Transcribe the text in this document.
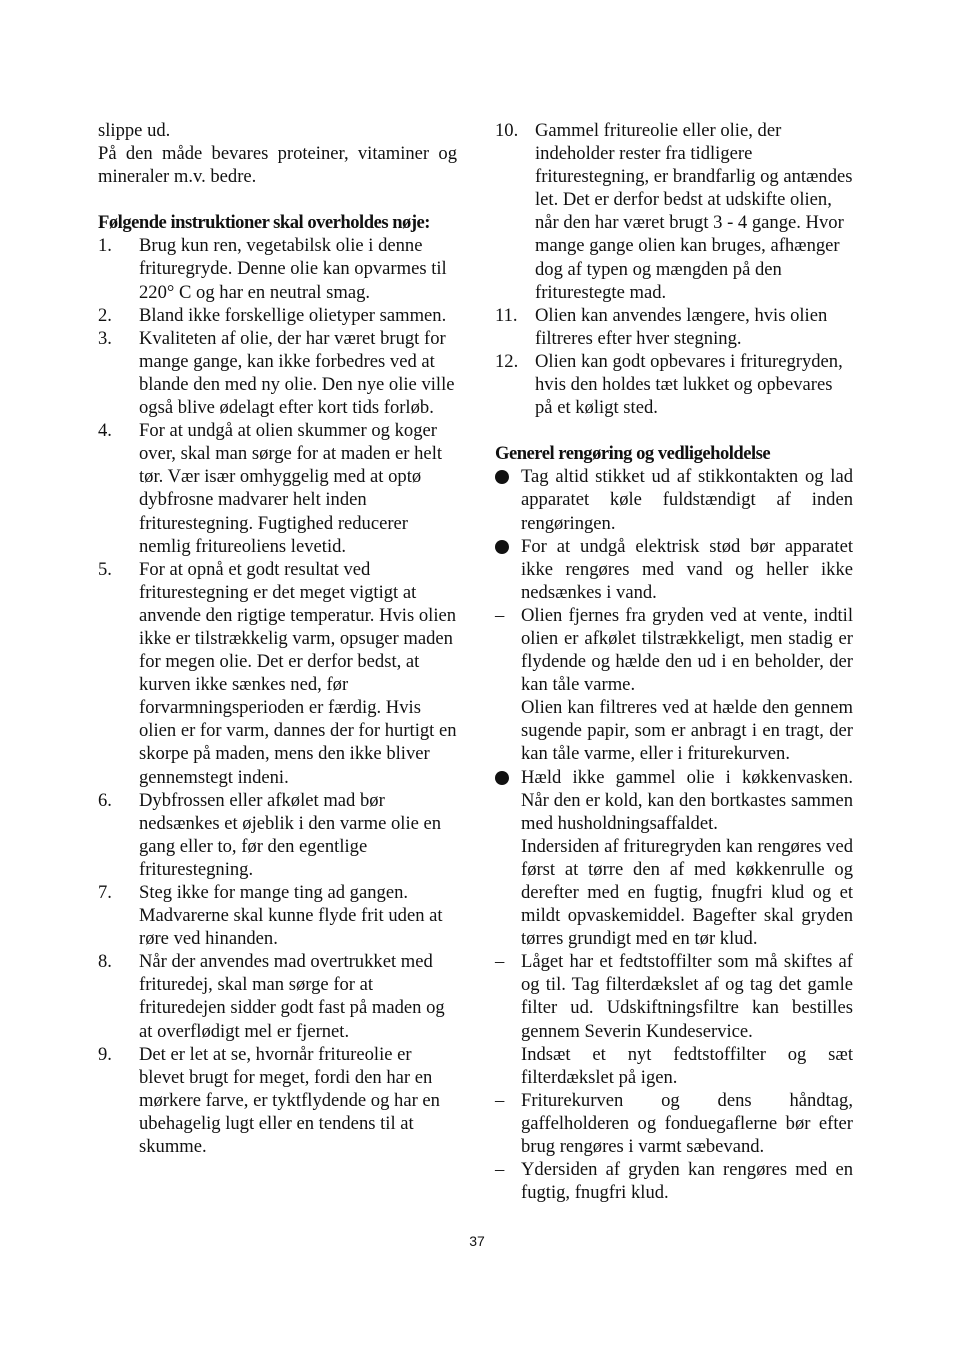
slippe ud.

På den måde bevares proteiner, vitaminer og mineraler m.v. bedre.

Følgende instruktioner skal overholdes nøje:

1.	Brug kun ren, vegetabilsk olie i denne frituregryde. Denne olie kan opvarmes til 220° C og har en neutral smag.
2.	Bland ikke forskellige olietyper sammen.
3.	Kvaliteten af olie, der har været brugt for mange gange, kan ikke forbedres ved at blande den med ny olie. Den nye olie ville også blive ødelagt efter kort tids forløb.
4.	For at undgå at olien skummer og koger over, skal man sørge for at maden er helt tør. Vær især omhyggelig med at optø dybfrosne madvarer helt inden friturestegning. Fugtighed reducerer nemlig fritureoliens levetid.
5.	For at opnå et godt resultat ved friturestegning er det meget vigtigt at anvende den rigtige temperatur. Hvis olien ikke er tilstrækkelig varm, opsuger maden for megen olie. Det er derfor bedst, at kurven ikke sænkes ned, før forvarmningsperioden er færdig. Hvis olien er for varm, dannes der for hurtigt en skorpe på maden, mens den ikke bliver gennemstegt indeni.
6.	Dybfrossen eller afkølet mad bør nedsænkes et øjeblik i den varme olie en gang eller to, før den egentlige friturestegning.
7.	Steg ikke for mange ting ad gangen. Madvarerne skal kunne flyde frit uden at røre ved hinanden.
8.	Når der anvendes mad overtrukket med frituredej, skal man sørge for at frituredejen sidder godt fast på maden og at overflødigt mel er fjernet.
9.	Det er let at se, hvornår fritureolie er blevet brugt for meget, fordi den har en mørkere farve, er tyktflydende og har en ubehagelig lugt eller en tendens til at skumme.
10. Gammel fritureolie eller olie, der indeholder rester fra tidligere friturestegning, er brandfarlig og antændes let. Det er derfor bedst at udskifte olien, når den har været brugt 3 - 4 gange. Hvor mange gange olien kan bruges, afhænger dog af typen og mængden på den friturestegte mad.
11. Olien kan anvendes længere, hvis olien filtreres efter hver stegning.
12. Olien kan godt opbevares i frituregryden, hvis den holdes tæt lukket og opbevares på et køligt sted.

Generel rengøring og vedligeholdelse

Tag altid stikket ud af stikkontakten og lad apparatet køle fuldstændigt af inden rengøringen.

For at undgå elektrisk stød bør apparatet ikke rengøres med vand og heller ikke nedsænkes i vand.

– Olien fjernes fra gryden ved at vente, indtil olien er afkølet tilstrækkeligt, men stadig er flydende og hælde den ud i en beholder, der kan tåle varme.

Olien kan filtreres ved at hælde den gennem sugende papir, som er anbragt i en tragt, der kan tåle varme, eller i friturekurven.

Hæld ikke gammel olie i køkkenvasken. Når den er kold, kan den bortkastes sammen med husholdningsaffaldet.

Indersiden af frituregryden kan rengøres ved først at tørre den af med køkkenrulle og derefter med en fugtig, fnugfri klud og et mildt opvaskemiddel. Bagefter skal gryden tørres grundigt med en tør klud.

– Låget har et fedtstoffilter som må skiftes af og til. Tag filterdækslet af og tag det gamle filter ud. Udskiftningsfiltre kan bestilles gennem Severin Kundeservice.

Indsæt et nyt fedtstoffilter og sæt filterdækslet på igen.

– Friturekurven og dens håndtag, gaffelholderen og fonduegaflerne bør efter brug rengøres i varmt sæbevand.

– Ydersiden af gryden kan rengøres med en fugtig, fnugfri klud.

37
